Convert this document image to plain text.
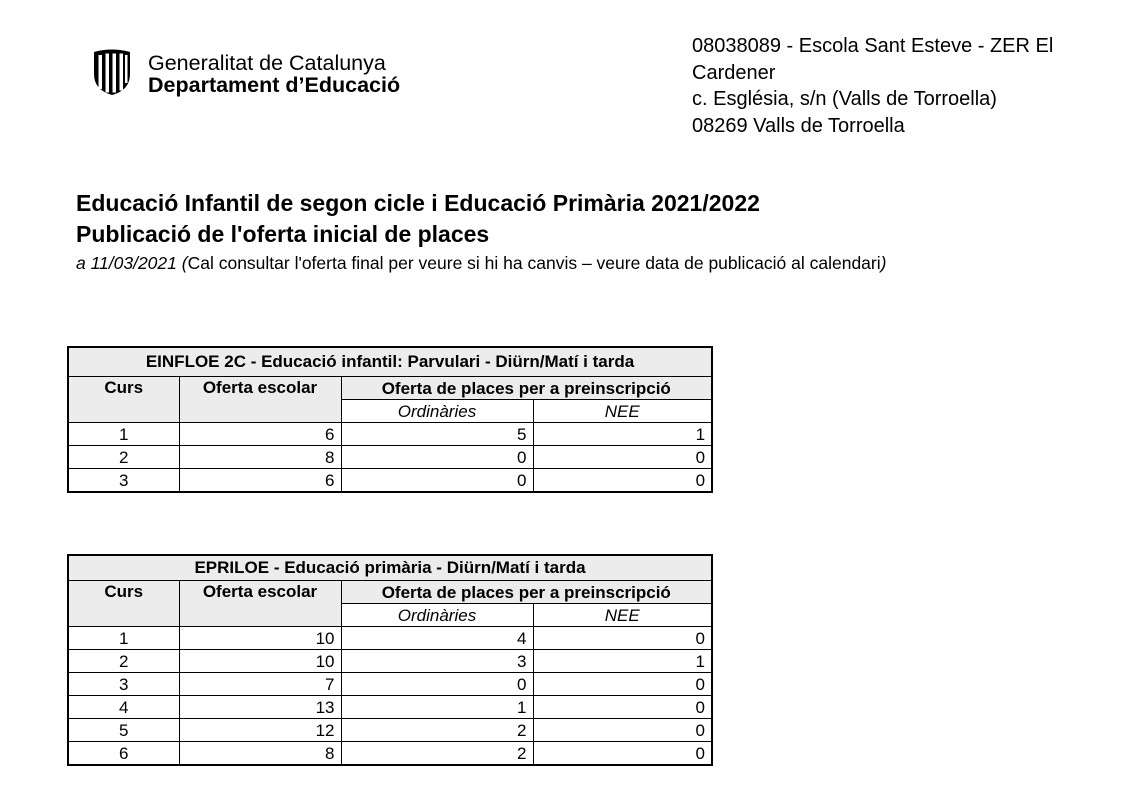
Generalitat de Catalunya
Departament d’Educació
08038089 - Escola Sant Esteve - ZER El
Cardener
c. Església, s/n (Valls de Torroella)
08269 Valls de Torroella
Educació Infantil de segon cicle i Educació Primària 2021/2022
Publicació de l'oferta inicial de places
a 11/03/2021 (Cal consultar l'oferta final per veure si hi ha canvis – veure data de publicació al calendari)
EINFLOE 2C - Educació infantil: Parvulari - Diürn/Matí i tarda			
Curs	Oferta escolar	Oferta de places per a preinscripció	
		Ordinàries	NEE
1	6	5	1
2	8	0	0
3	6	0	0
EPRILOE - Educació primària - Diürn/Matí i tarda			
Curs	Oferta escolar	Oferta de places per a preinscripció	
		Ordinàries	NEE
1	10	4	0
2	10	3	1
3	7	0	0
4	13	1	0
5	12	2	0
6	8	2	0
